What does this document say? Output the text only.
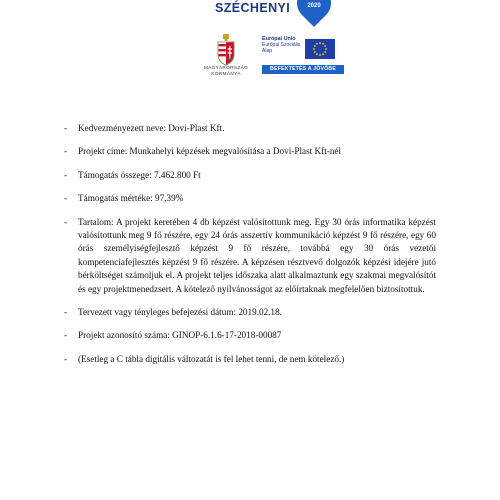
SZÉCHENYI	2020
MAGYARORSZÁG
KORMÁNYA
Európai Unió
Európai Szociális
Alap
BEFEKTETÉS A JÖVŐBE
- Kedvezményezett neve: Dovi-Plast Kft.
- Projekt címe: Munkahelyi képzések megvalósítása a Dovi-Plast Kft-nél
- Támogatás összege: 7.462.800 Ft
- Támogatás mértéke: 97,39%
- Tartalom: A projekt keretében 4 db képzést valósítottunk meg. Egy 30 órás informatika képzést valósítottunk meg 9 fő részére, egy 24 órás asszertív kommunikáció képzést 9 fő részére, egy 60 órás személyiségfejlesztő képzést 9 fő részére, továbbá egy 30 órás vezetői kompetenciafejlesztés képzést 9 fő részére. A képzésen résztvevő dolgozók képzési idejére jutó bérköltséget számoljuk el. A projekt teljes időszaka alatt alkalmaztunk egy szakmai megvalósítót és egy projektmenedzsert. A kötelező nyilvánosságot az előírtaknak megfelelően biztosítottuk.
- Tervezett vagy tényleges befejezési dátum: 2019.02.18.
- Projekt azonosító száma: GINOP-6.1.6-17-2018-00087
- (Esetleg a C tábla digitális változatát is fel lehet tenni, de nem kötelező.)
